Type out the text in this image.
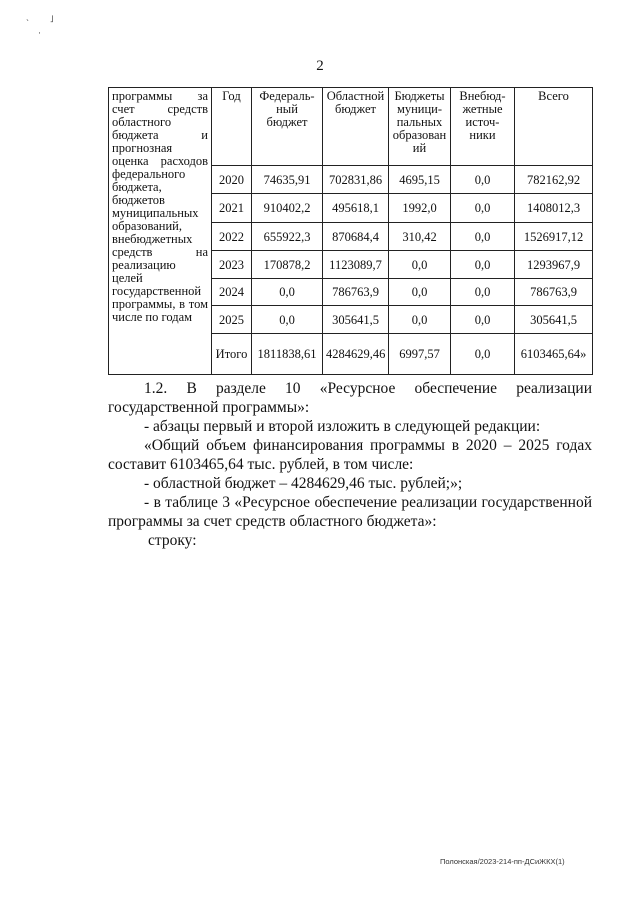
˴ ˩
·
2
программы за счет средств областного бюджета и прогнозная оценка расходов федерального бюджета, бюджетов муниципальных образований, внебюджетных средств на реализацию целей государственной программы, в том числе по годам	Год	Федераль-ный бюджет	Областной бюджет	Бюджеты муници-пальных образован ий	Внебюд-жетные источ-ники	Всего
	2020	74635,91	702831,86	4695,15	0,0	782162,92
	2021	910402,2	495618,1	1992,0	0,0	1408012,3
	2022	655922,3	870684,4	310,42	0,0	1526917,12
	2023	170878,2	1123089,7	0,0	0,0	1293967,9
	2024	0,0	786763,9	0,0	0,0	786763,9
	2025	0,0	305641,5	0,0	0,0	305641,5
	Итого	1811838,61	4284629,46	6997,57	0,0	6103465,64»
1.2. В разделе 10 «Ресурсное обеспечение реализации государственной программы»:
- абзацы первый и второй изложить в следующей редакции:
«Общий объем финансирования программы в 2020 – 2025 годах составит 6103465,64 тыс. рублей, в том числе:
- областной бюджет – 4284629,46 тыс. рублей;»;
- в таблице 3 «Ресурсное обеспечение реализации государственной программы за счет средств областного бюджета»:
строку:
Полонская/2023-214-пп-ДСиЖКХ(1)
